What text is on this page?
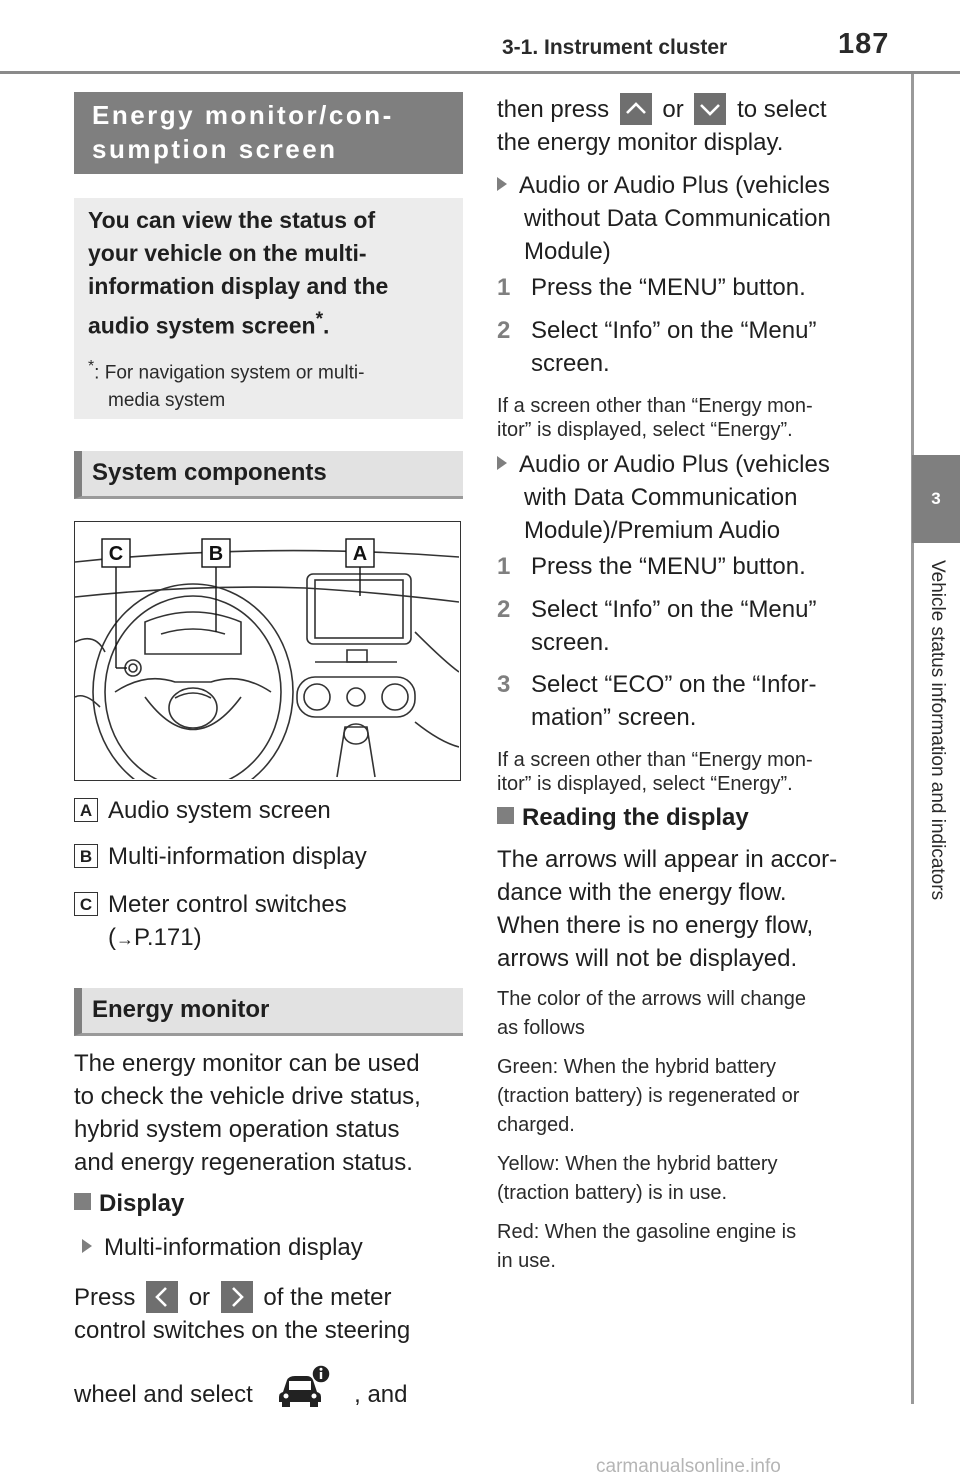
3-1. Instrument cluster	187
3
Vehicle status information and indicators
Energy monitor/con-
sumption screen
You can view the status of
your vehicle on the multi-
information display and the
audio system screen*.
*: For navigation system or multi-
media system
System components
C	B	A
A Audio system screen
B Multi-information display
C Meter control switches
(→P.171)
Energy monitor
The energy monitor can be used
to check the vehicle drive status,
hybrid system operation status
and energy regeneration status.
Display
Multi-information display
Press or of the meter
control switches on the steering
wheel and select	, and
then press or to select
the energy monitor display.
Audio or Audio Plus (vehicles
without Data Communication
Module)
1 Press the “MENU” button.
2 Select “Info” on the “Menu”
screen.
If a screen other than “Energy mon-
itor” is displayed, select “Energy”.
Audio or Audio Plus (vehicles
with Data Communication
Module)/Premium Audio
1 Press the “MENU” button.
2 Select “Info” on the “Menu”
screen.
3 Select “ECO” on the “Infor-
mation” screen.
If a screen other than “Energy mon-
itor” is displayed, select “Energy”.
Reading the display
The arrows will appear in accor-
dance with the energy flow.
When there is no energy flow,
arrows will not be displayed.
The color of the arrows will change
as follows
Green: When the hybrid battery
(traction battery) is regenerated or
charged.
Yellow: When the hybrid battery
(traction battery) is in use.
Red: When the gasoline engine is
in use.
carmanualsonline.info
